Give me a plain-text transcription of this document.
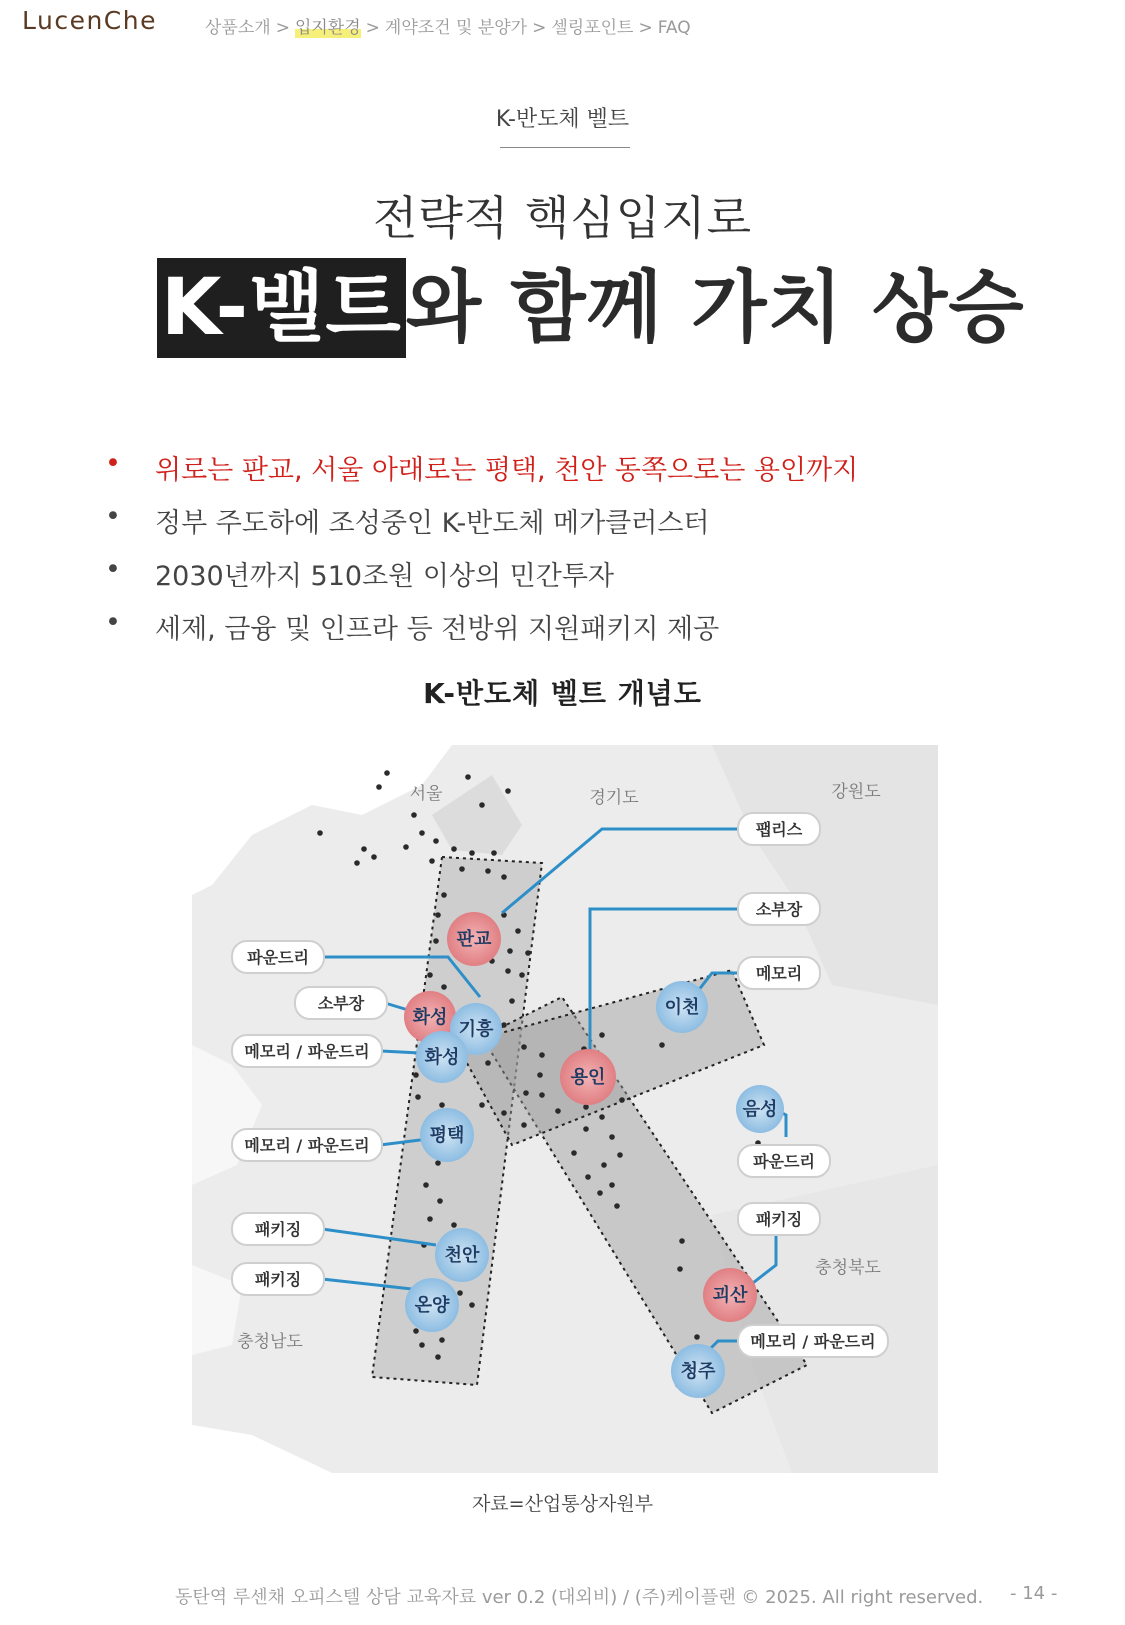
LucenChe	상품소개 > 입지환경 > 계약조건 및 분양가 > 셀링포인트 > FAQ
K-반도체 벨트
전략적 핵심입지로
K-밸트와 함께 가치 상승
• 위로는 판교, 서울 아래로는 평택, 천안 동쪽으로는 용인까지
• 정부 주도하에 조성중인 K-반도체 메가클러스터
• 2030년까지 510조원 이상의 민간투자
• 세제, 금융 및 인프라 등 전방위 지원패키지 제공
K-반도체 벨트 개념도
서울	경기도	강원도
충청남도
충청북도
판교
화성
기흥
화성
용인
이천
평택
천안
온양
음성
괴산
청주
팹리스
소부장
메모리
파운드리
소부장
메모리 / 파운드리
메모리 / 파운드리
패키징
패키징
파운드리
패키징
메모리 / 파운드리
자료=산업통상자원부
동탄역 루센채 오피스텔 상담 교육자료 ver 0.2 (대외비) / (주)케이플랜 © 2025. All right reserved. - 14 -
